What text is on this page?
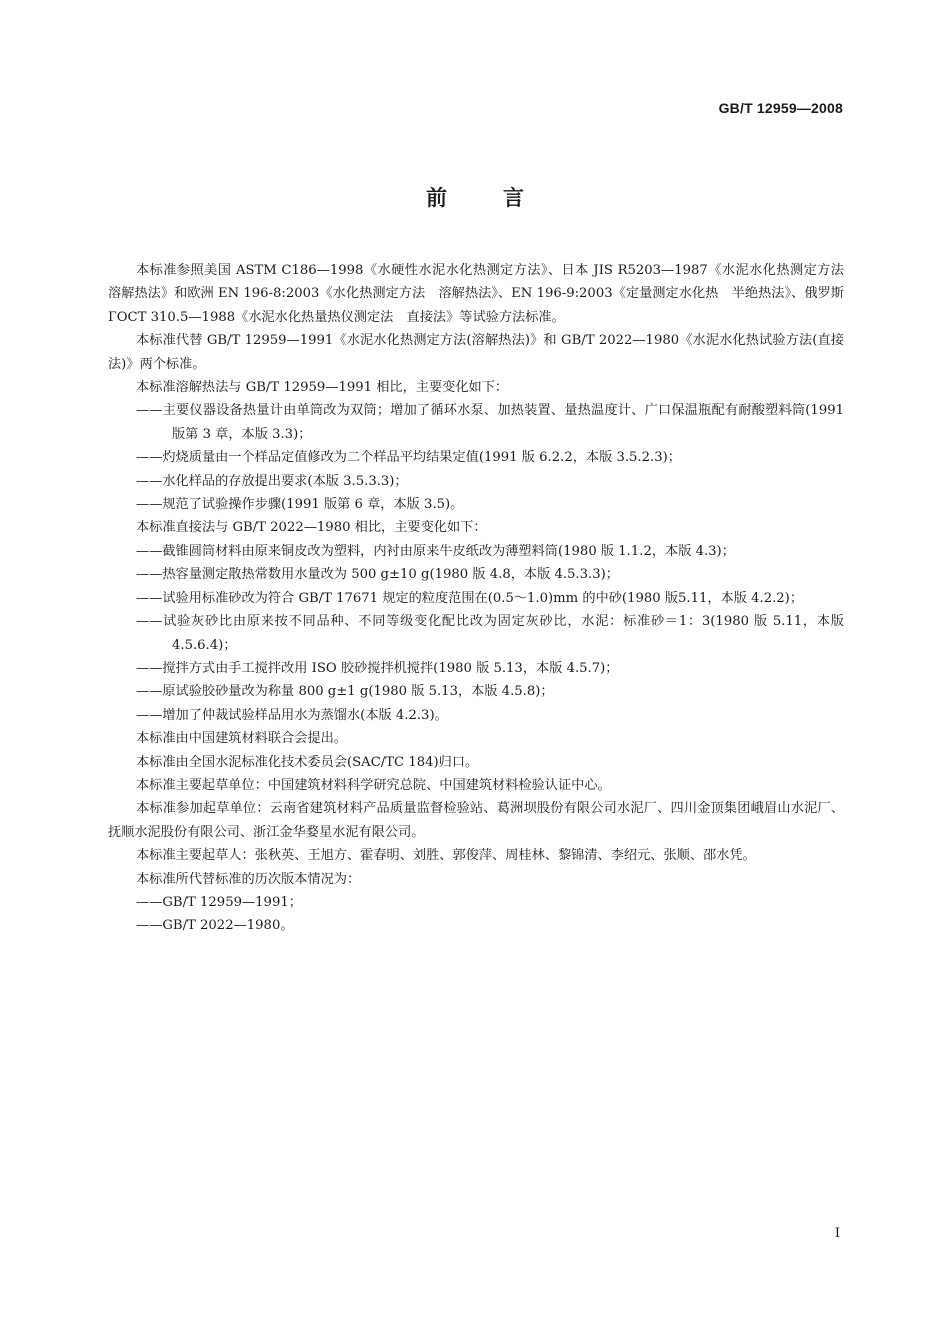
GB/T 12959—2008
前言

本标准参照美国 ASTM C186—1998《水硬性水泥水化热测定方法》、日本 JIS R5203—1987《水泥水化热测定方法　溶解热法》和欧洲 EN 196-8:2003《水化热测定方法　溶解热法》、EN 196-9:2003《定量测定水化热　半绝热法》、俄罗斯 ГОСТ 310.5—1988《水泥水化热量热仪测定法　直接法》等试验方法标准。

本标准代替 GB/T 12959—1991《水泥水化热测定方法(溶解热法)》和 GB/T 2022—1980《水泥水化热试验方法(直接法)》两个标准。

本标准溶解热法与 GB/T 12959—1991 相比，主要变化如下：

——主要仪器设备热量计由单筒改为双筒；增加了循环水泵、加热装置、量热温度计、广口保温瓶配有耐酸塑料筒(1991 版第 3 章，本版 3.3)；

——灼烧质量由一个样品定值修改为二个样品平均结果定值(1991 版 6.2.2，本版 3.5.2.3)；

——水化样品的存放提出要求(本版 3.5.3.3)；

——规范了试验操作步骤(1991 版第 6 章，本版 3.5)。

本标准直接法与 GB/T 2022—1980 相比，主要变化如下：

——截锥圆筒材料由原来铜皮改为塑料，内衬由原来牛皮纸改为薄塑料筒(1980 版 1.1.2，本版 4.3)；

——热容量测定散热常数用水量改为 500 g±10 g(1980 版 4.8，本版 4.5.3.3)；

——试验用标准砂改为符合 GB/T 17671 规定的粒度范围在(0.5～1.0)mm 的中砂(1980 版5.11，本版 4.2.2)；

——试验灰砂比由原来按不同品种、不同等级变化配比改为固定灰砂比，水泥：标准砂＝1：3(1980 版 5.11，本版 4.5.6.4)；

——搅拌方式由手工搅拌改用 ISO 胶砂搅拌机搅拌(1980 版 5.13，本版 4.5.7)；

——原试验胶砂量改为称量 800 g±1 g(1980 版 5.13，本版 4.5.8)；

——增加了仲裁试验样品用水为蒸馏水(本版 4.2.3)。

本标准由中国建筑材料联合会提出。

本标准由全国水泥标准化技术委员会(SAC/TC 184)归口。

本标准主要起草单位：中国建筑材料科学研究总院、中国建筑材料检验认证中心。

本标准参加起草单位：云南省建筑材料产品质量监督检验站、葛洲坝股份有限公司水泥厂、四川金顶集团峨眉山水泥厂、抚顺水泥股份有限公司、浙江金华婺星水泥有限公司。

本标准主要起草人：张秋英、王旭方、霍春明、刘胜、郭俊萍、周桂林、黎锦清、李绍元、张顺、邵水凭。

本标准所代替标准的历次版本情况为：

——GB/T 12959—1991；

——GB/T 2022—1980。

I
